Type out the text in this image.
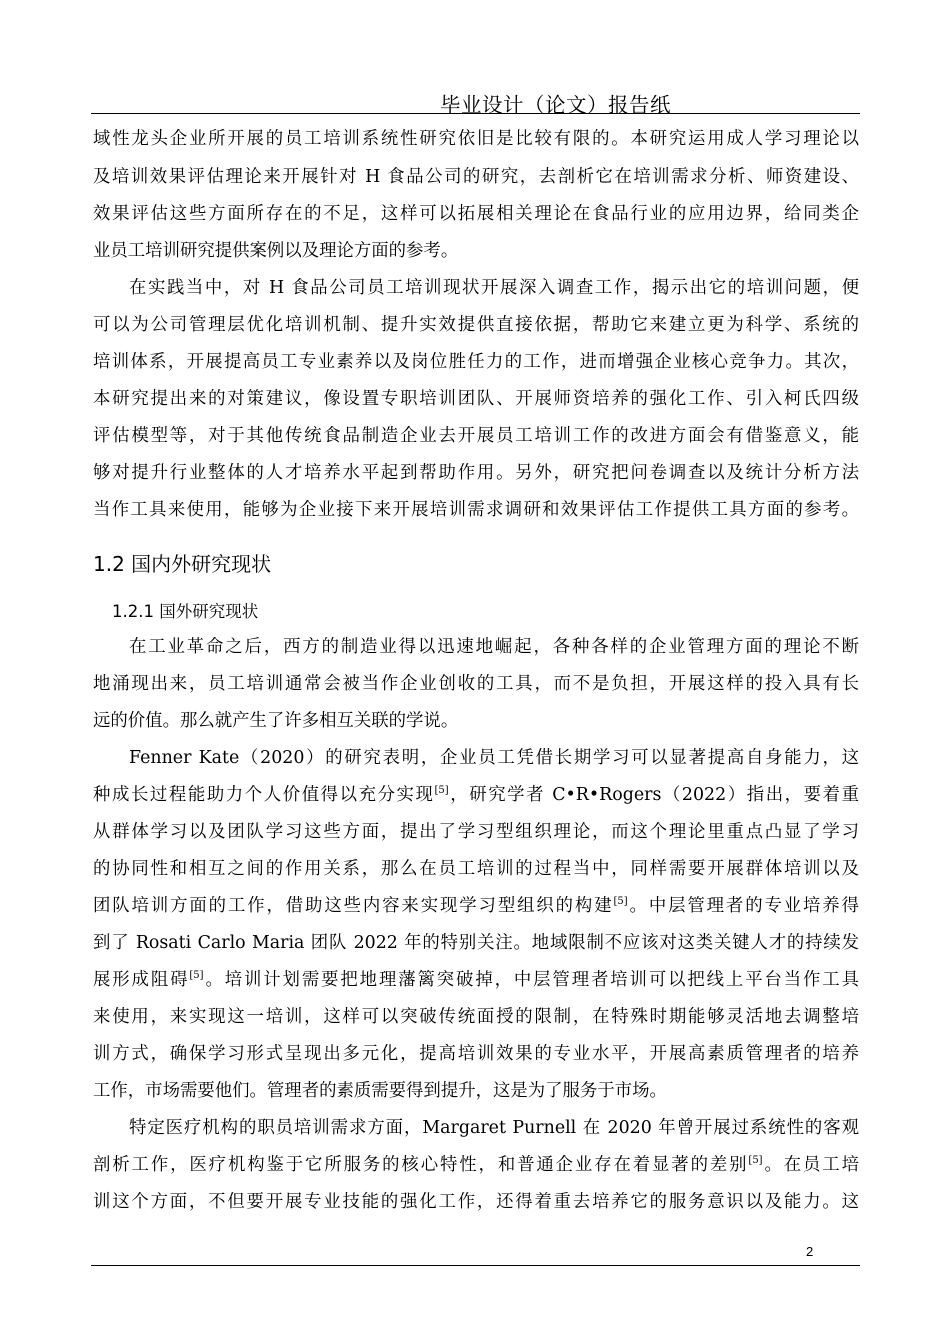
毕业设计（论文）报告纸
域性龙头企业所开展的员工培训系统性研究依旧是比较有限的。本研究运用成人学习理论以
及培训效果评估理论来开展针对 H 食品公司的研究，去剖析它在培训需求分析、师资建设、
效果评估这些方面所存在的不足，这样可以拓展相关理论在食品行业的应用边界，给同类企
业员工培训研究提供案例以及理论方面的参考。
在实践当中，对 H 食品公司员工培训现状开展深入调查工作，揭示出它的培训问题，便
可以为公司管理层优化培训机制、提升实效提供直接依据，帮助它来建立更为科学、系统的
培训体系，开展提高员工专业素养以及岗位胜任力的工作，进而增强企业核心竞争力。其次，
本研究提出来的对策建议，像设置专职培训团队、开展师资培养的强化工作、引入柯氏四级
评估模型等，对于其他传统食品制造企业去开展员工培训工作的改进方面会有借鉴意义，能
够对提升行业整体的人才培养水平起到帮助作用。另外，研究把问卷调查以及统计分析方法
当作工具来使用，能够为企业接下来开展培训需求调研和效果评估工作提供工具方面的参考。
1.2 国内外研究现状
1.2.1 国外研究现状
在工业革命之后，西方的制造业得以迅速地崛起，各种各样的企业管理方面的理论不断
地涌现出来，员工培训通常会被当作企业创收的工具，而不是负担，开展这样的投入具有长
远的价值。那么就产生了许多相互关联的学说。
Fenner Kate（2020）的研究表明，企业员工凭借长期学习可以显著提高自身能力，这
种成长过程能助力个人价值得以充分实现[5]，研究学者 C•R•Rogers（2022）指出，要着重
从群体学习以及团队学习这些方面，提出了学习型组织理论，而这个理论里重点凸显了学习
的协同性和相互之间的作用关系，那么在员工培训的过程当中，同样需要开展群体培训以及
团队培训方面的工作，借助这些内容来实现学习型组织的构建[5]。中层管理者的专业培养得
到了 Rosati Carlo Maria 团队 2022 年的特别关注。地域限制不应该对这类关键人才的持续发
展形成阻碍[5]。培训计划需要把地理藩篱突破掉，中层管理者培训可以把线上平台当作工具
来使用，来实现这一培训，这样可以突破传统面授的限制，在特殊时期能够灵活地去调整培
训方式，确保学习形式呈现出多元化，提高培训效果的专业水平，开展高素质管理者的培养
工作，市场需要他们。管理者的素质需要得到提升，这是为了服务于市场。
特定医疗机构的职员培训需求方面，Margaret Purnell 在 2020 年曾开展过系统性的客观
剖析工作，医疗机构鉴于它所服务的核心特性，和普通企业存在着显著的差别[5]。在员工培
训这个方面，不但要开展专业技能的强化工作，还得着重去培养它的服务意识以及能力。这
2
